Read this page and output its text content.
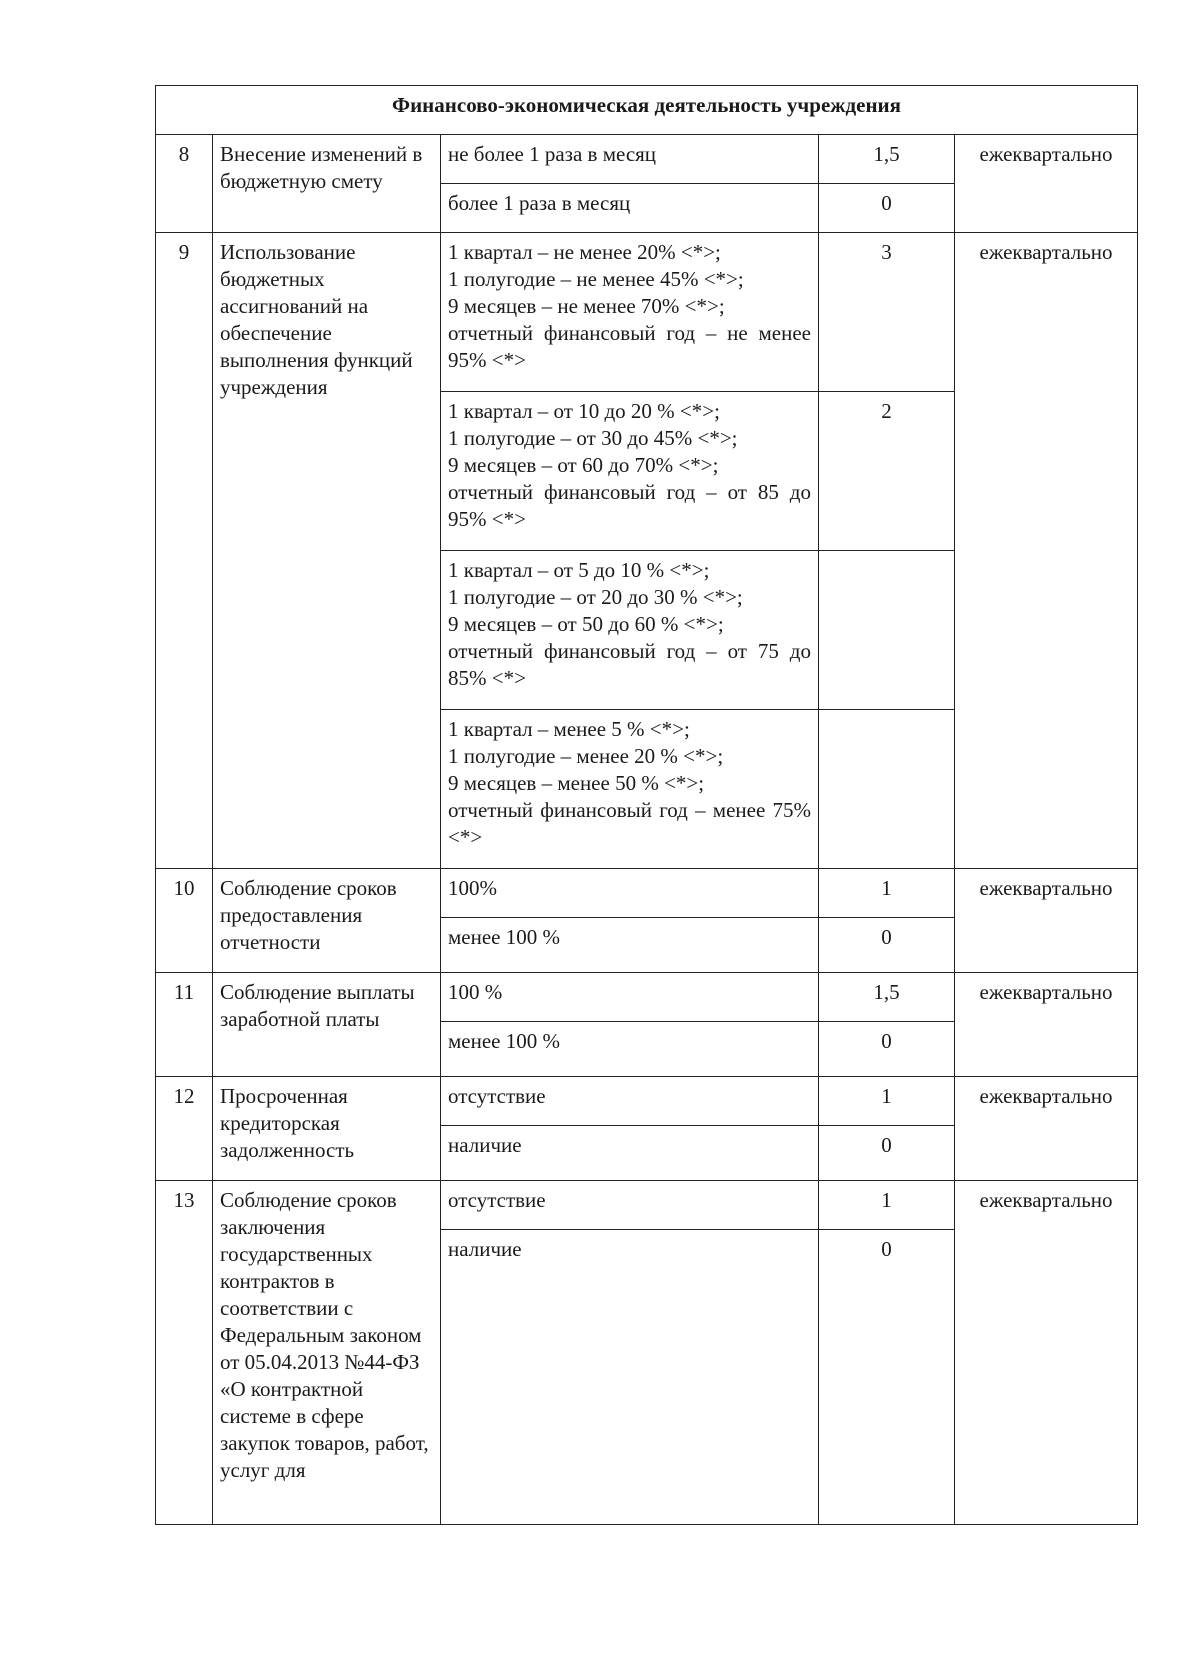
Финансово-экономическая деятельность учреждения				
8	Внесение изменений в бюджетную смету	не более 1 раза в месяц	1,5	ежеквартально

		более 1 раза в месяц	0	
9	Использование бюджетных ассигнований на обеспечение выполнения функций учреждения	1 квартал – не менее 20% <*>;
1 полугодие – не менее 45% <*>;
9 месяцев – не менее 70% <*>;
отчетный финансовый год – не менее 95% <*>	3	ежеквартально

		1 квартал – от 10 до 20 % <*>;
1 полугодие – от 30 до 45% <*>;
9 месяцев – от 60 до 70% <*>;
отчетный финансовый год – от 85 до 95% <*>	2	

		1 квартал – от 5 до 10 % <*>;
1 полугодие – от 20 до 30 % <*>;
9 месяцев – от 50 до 60 % <*>;
отчетный финансовый год – от 75 до 85% <*>		

		1 квартал – менее 5 % <*>;
1 полугодие – менее 20 % <*>;
9 месяцев – менее 50 % <*>;
отчетный финансовый год – менее 75% <*>		

10	Соблюдение сроков предоставления отчетности	100%	1	ежеквартально

		менее 100 %	0	
11	Соблюдение выплаты заработной платы	100 %	1,5	ежеквартально

		менее 100 %	0	
12	Просроченная кредиторская задолженность	отсутствие	1	ежеквартально

		наличие	0	
13	Соблюдение сроков заключения государственных контрактов в соответствии с Федеральным законом от 05.04.2013 №44-ФЗ «О контрактной системе в сфере закупок товаров, работ, услуг для	отсутствие	1	ежеквартально

		наличие	0	
